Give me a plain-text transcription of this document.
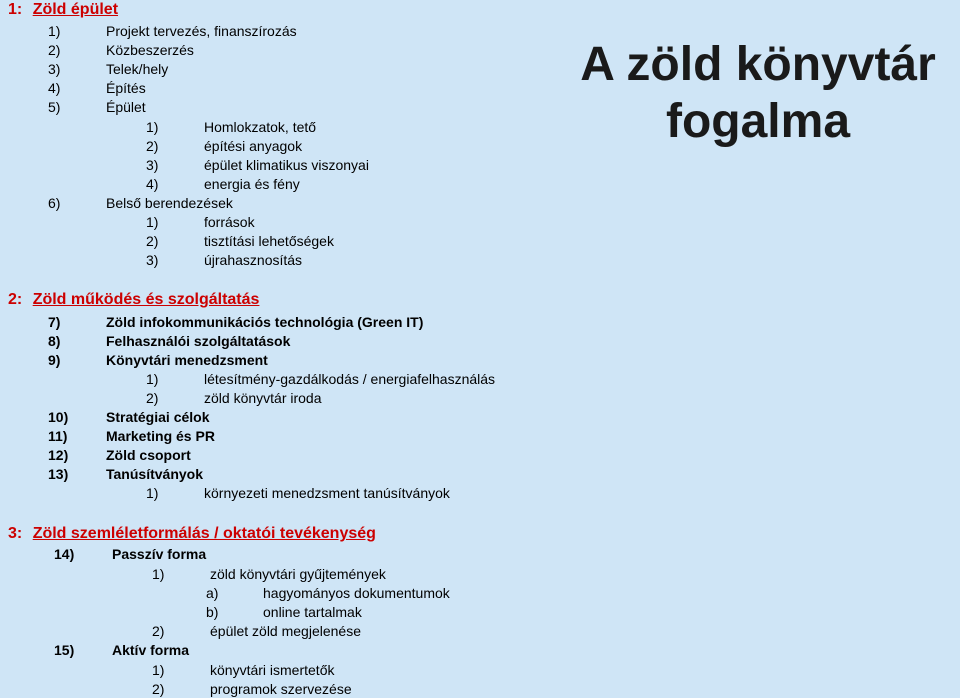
A zöld könyvtár
fogalma
1: Zöld épület
1)	Projekt tervezés, finanszírozás
2)	Közbeszerzés
3)	Telek/hely
4)	Építés
5)	Épület
1)	Homlokzatok, tető
2)	építési anyagok
3)	épület klimatikus viszonyai
4)	energia és fény
6)	Belső berendezések
1)	források
2)	tisztítási lehetőségek
3)	újrahasznosítás
2: Zöld működés és szolgáltatás
7)	Zöld infokommunikációs technológia (Green IT)
8)	Felhasználói szolgáltatások
9)	Könyvtári menedzsment
1)	létesítmény-gazdálkodás / energiafelhasználás
2)	zöld könyvtár iroda
10)	Stratégiai célok
11)	Marketing és PR
12)	Zöld csoport
13)	Tanúsítványok
1)	környezeti menedzsment tanúsítványok
3: Zöld szemléletformálás / oktatói tevékenység
14)	Passzív forma
1)	zöld könyvtári gyűjtemények
a)	hagyományos dokumentumok
b)	online tartalmak
2)	épület zöld megjelenése
15)	Aktív forma
1)	könyvtári ismertetők
2)	programok szervezése
